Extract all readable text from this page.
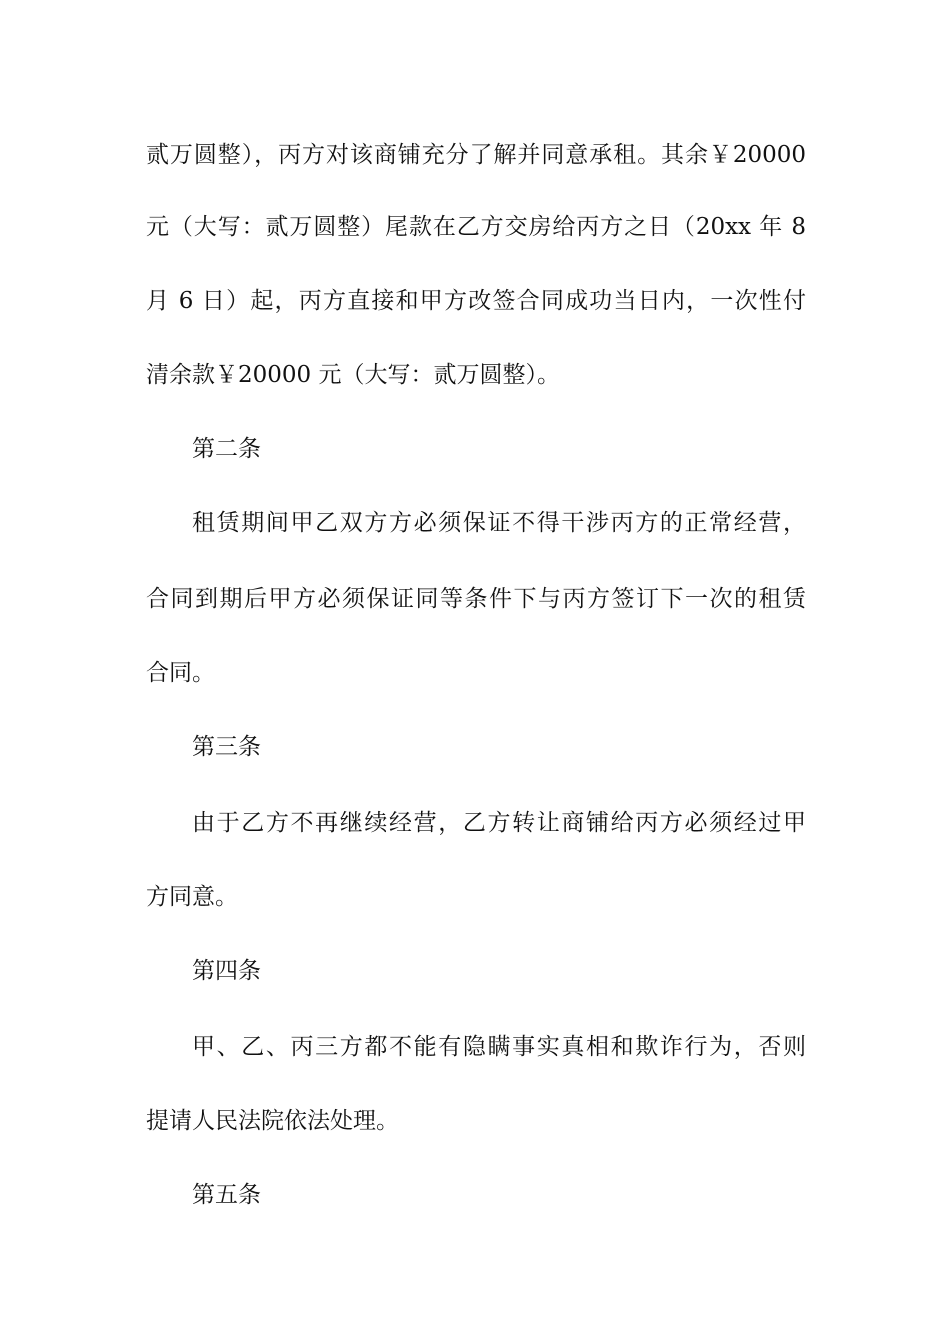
贰万圆整），丙方对该商铺充分了解并同意承租。其余￥20000
元（大写：贰万圆整）尾款在乙方交房给丙方之日（20xx 年 8
月 6 日）起，丙方直接和甲方改签合同成功当日内，一次性付
清余款￥20000 元（大写：贰万圆整）。
第二条
租赁期间甲乙双方方必须保证不得干涉丙方的正常经营，
合同到期后甲方必须保证同等条件下与丙方签订下一次的租赁
合同。
第三条
由于乙方不再继续经营，乙方转让商铺给丙方必须经过甲
方同意。
第四条
甲、乙、丙三方都不能有隐瞒事实真相和欺诈行为，否则
提请人民法院依法处理。
第五条
